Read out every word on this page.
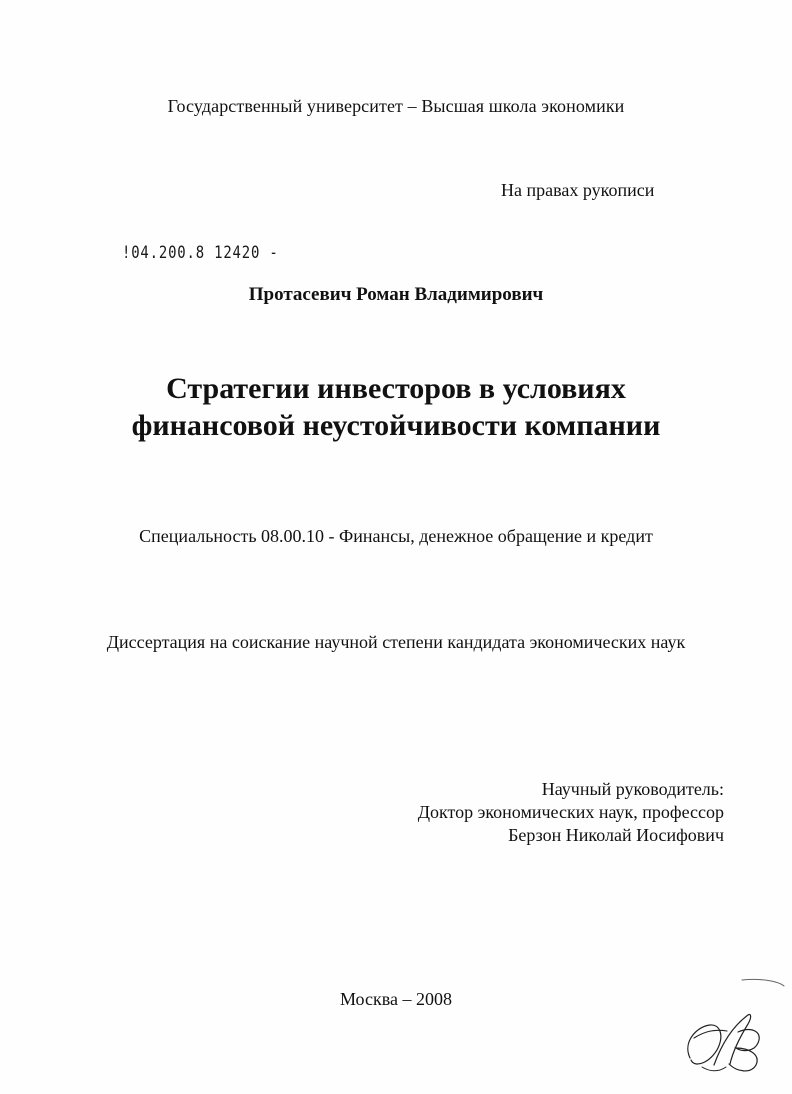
Государственный университет – Высшая школа экономики
На правах рукописи
!04.200.8 12420 -
Протасевич Роман Владимирович
Стратегии инвесторов в условиях
финансовой неустойчивости компании
Специальность 08.00.10 - Финансы, денежное обращение и кредит
Диссертация на соискание научной степени кандидата экономических наук
Научный руководитель:
Доктор экономических наук, профессор
Берзон Николай Иосифович
Москва – 2008
